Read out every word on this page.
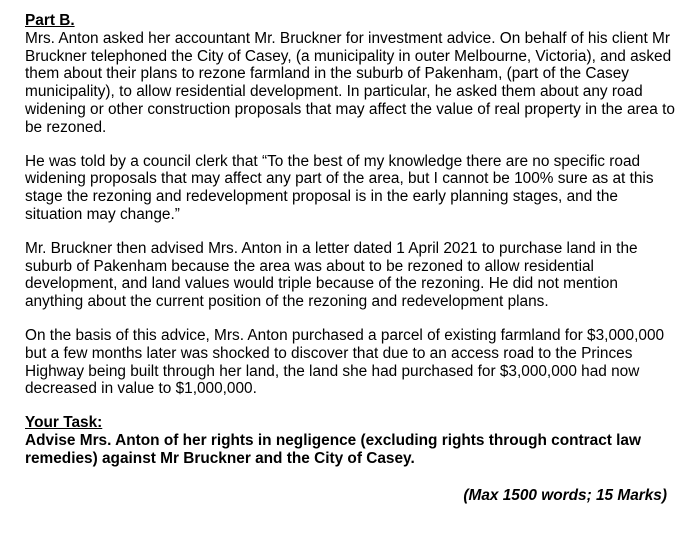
Part B.

Mrs. Anton asked her accountant Mr. Bruckner for investment advice. On behalf of his client Mr Bruckner telephoned the City of Casey, (a municipality in outer Melbourne, Victoria), and asked them about their plans to rezone farmland in the suburb of Pakenham, (part of the Casey municipality), to allow residential development. In particular, he asked them about any road widening or other construction proposals that may affect the value of real property in the area to be rezoned.

He was told by a council clerk that “To the best of my knowledge there are no specific road widening proposals that may affect any part of the area, but I cannot be 100% sure as at this stage the rezoning and redevelopment proposal is in the early planning stages, and the situation may change.”

Mr. Bruckner then advised Mrs. Anton in a letter dated 1 April 2021 to purchase land in the suburb of Pakenham because the area was about to be rezoned to allow residential development, and land values would triple because of the rezoning. He did not mention anything about the current position of the rezoning and redevelopment plans.

On the basis of this advice, Mrs. Anton purchased a parcel of existing farmland for $3,000,000 but a few months later was shocked to discover that due to an access road to the Princes Highway being built through her land, the land she had purchased for $3,000,000 had now decreased in value to $1,000,000.

Your Task:

Advise Mrs. Anton of her rights in negligence (excluding rights through contract law remedies) against Mr Bruckner and the City of Casey.

(Max 1500 words; 15 Marks)
